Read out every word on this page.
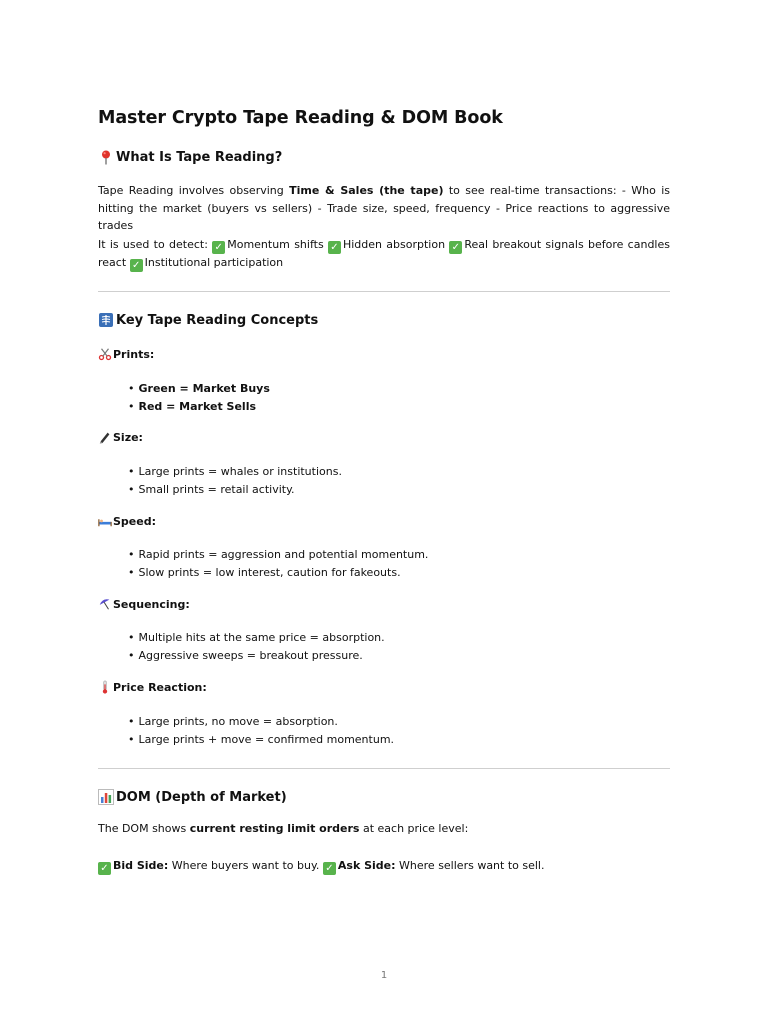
Master Crypto Tape Reading & DOM Book
What Is Tape Reading?
Tape Reading involves observing Time & Sales (the tape) to see real-time transactions: - Who is hitting the market (buyers vs sellers) - Trade size, speed, frequency - Price reactions to aggressive trades
It is used to detect: ✓ Momentum shifts ✓ Hidden absorption ✓ Real breakout signals before candles react ✓ Institutional participation
Key Tape Reading Concepts
Prints:
• Green = Market Buys
• Red = Market Sells
Size:
• Large prints = whales or institutions.
• Small prints = retail activity.
Speed:
• Rapid prints = aggression and potential momentum.
• Slow prints = low interest, caution for fakeouts.
Sequencing:
• Multiple hits at the same price = absorption.
• Aggressive sweeps = breakout pressure.
Price Reaction:
• Large prints, no move = absorption.
• Large prints + move = confirmed momentum.
DOM (Depth of Market)
The DOM shows current resting limit orders at each price level:
✓ Bid Side: Where buyers want to buy. ✓ Ask Side: Where sellers want to sell.
1
